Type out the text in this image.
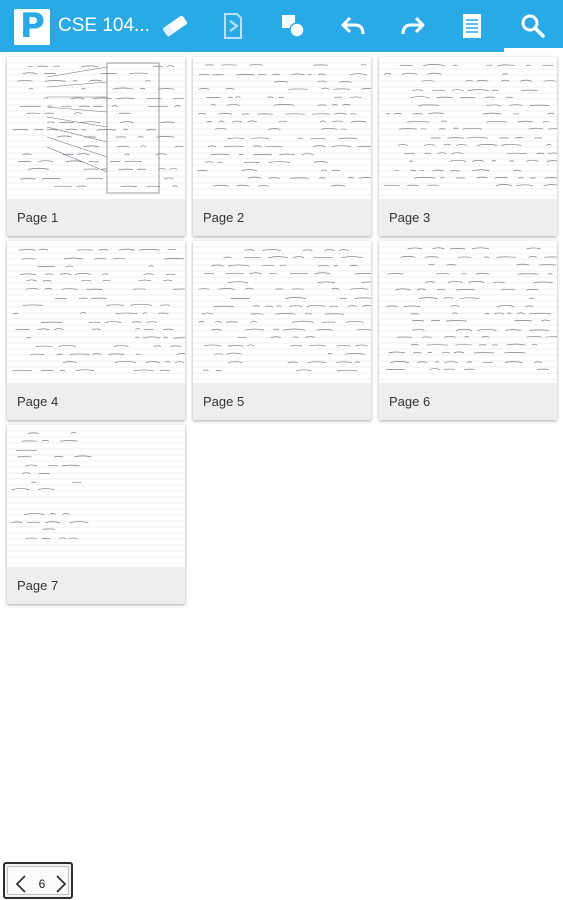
P CSE 104...
Page 1	Page 2	Page 3
Page 4	Page 5	Page 6
Page 7
6
